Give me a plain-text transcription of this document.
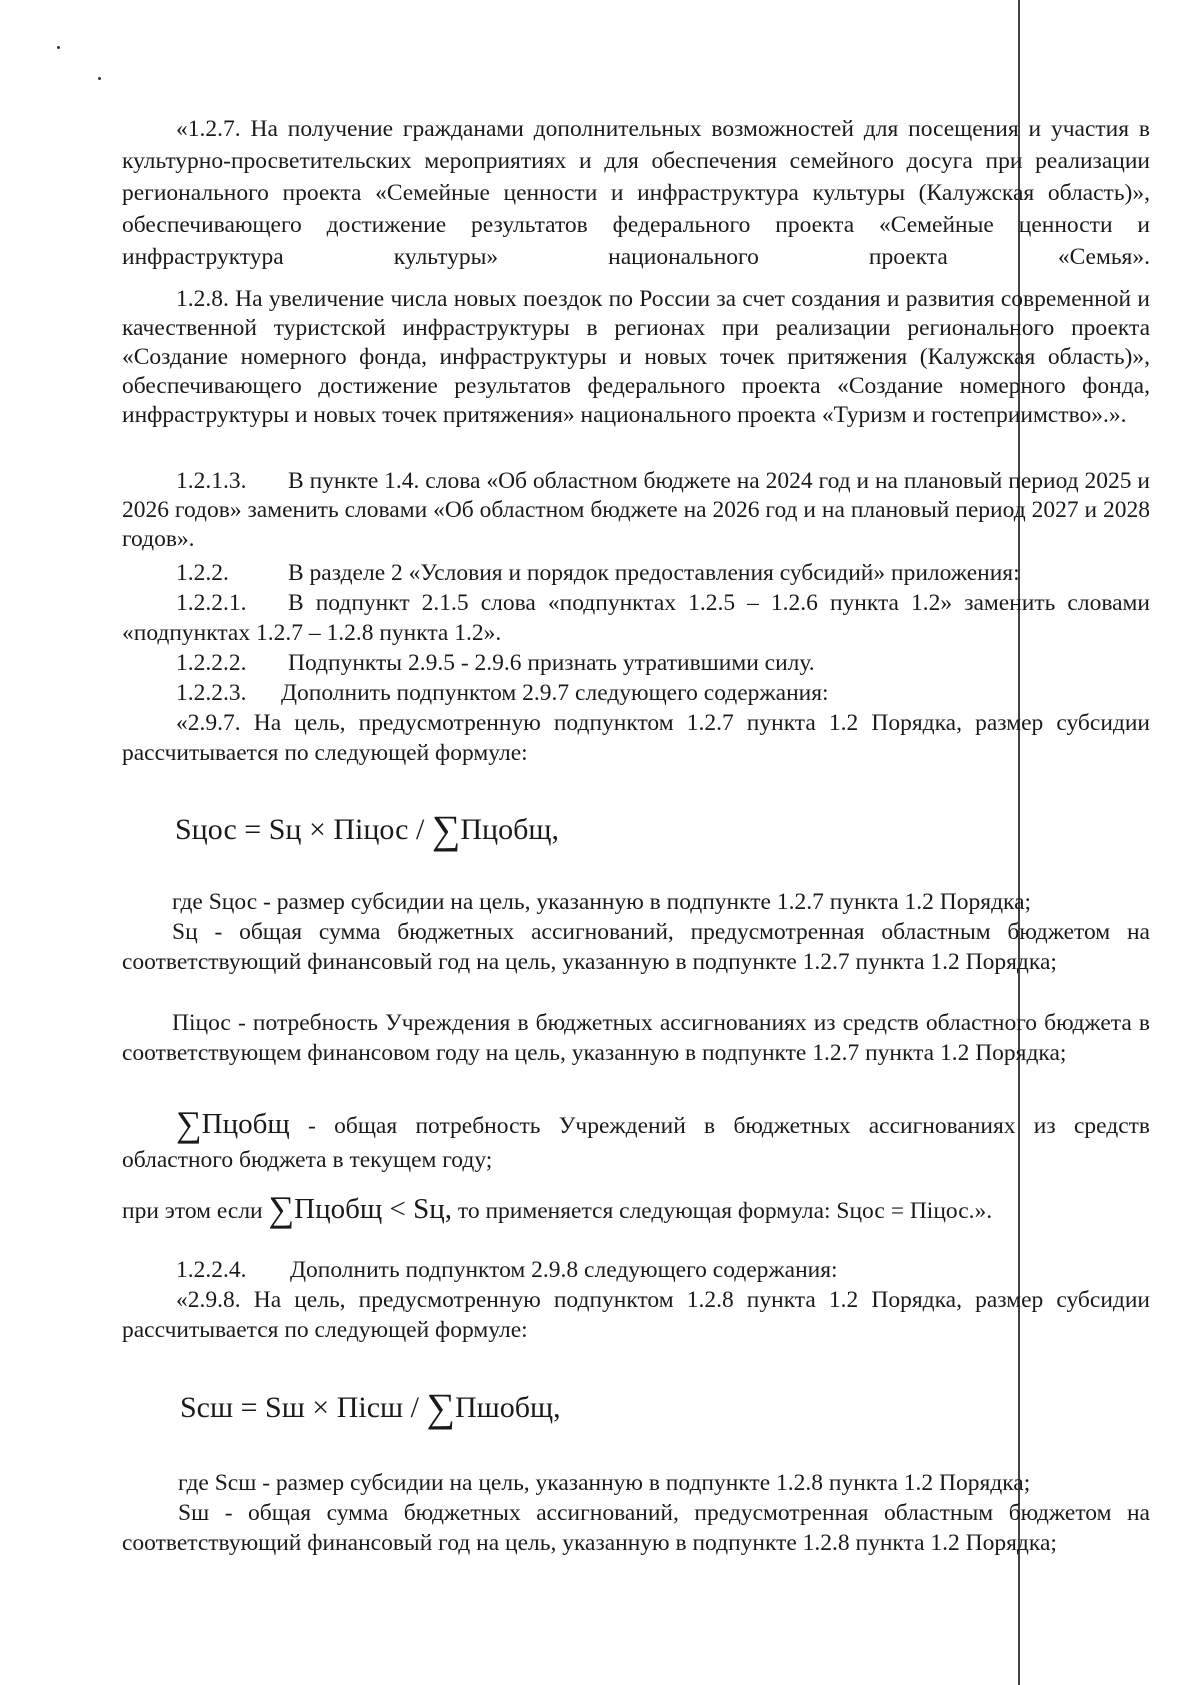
«1.2.7. На получение гражданами дополнительных возможностей для посещения и участия в культурно-просветительских мероприятиях и для обеспечения семейного досуга при реализации регионального проекта «Семейные ценности и инфраструктура культуры (Калужская область)», обеспечивающего достижение результатов федерального проекта «Семейные ценности и инфраструктура культуры» национального проекта «Семья».

1.2.8. На увеличение числа новых поездок по России за счет создания и развития современной и качественной туристской инфраструктуры в регионах при реализации регионального проекта «Создание номерного фонда, инфраструктуры и новых точек притяжения (Калужская область)», обеспечивающего достижение результатов федерального проекта «Создание номерного фонда, инфраструктуры и новых точек притяжения» национального проекта «Туризм и гостеприимство».».

1.2.1.3. В пункте 1.4. слова «Об областном бюджете на 2024 год и на плановый период 2025 и 2026 годов» заменить словами «Об областном бюджете на 2026 год и на плановый период 2027 и 2028 годов».

1.2.2.	В разделе 2 «Условия и порядок предоставления субсидий» приложения:

1.2.2.1. В подпункт 2.1.5 слова «подпунктах 1.2.5 – 1.2.6 пункта 1.2» заменить словами «подпунктах 1.2.7 – 1.2.8 пункта 1.2».

1.2.2.2. Подпункты 2.9.5 - 2.9.6 признать утратившими силу.

1.2.2.3. Дополнить подпунктом 2.9.7 следующего содержания:

«2.9.7. На цель, предусмотренную подпунктом 1.2.7 пункта 1.2 Порядка, размер субсидии рассчитывается по следующей формуле:

Sцос = Sц × Пiцос / ∑Пцобщ,

где Sцос - размер субсидии на цель, указанную в подпункте 1.2.7 пункта 1.2 Порядка;

Sц - общая сумма бюджетных ассигнований, предусмотренная областным бюджетом на соответствующий финансовый год на цель, указанную в подпункте 1.2.7 пункта 1.2 Порядка;

Пiцос - потребность Учреждения в бюджетных ассигнованиях из средств областного бюджета в соответствующем финансовом году на цель, указанную в подпункте 1.2.7 пункта 1.2 Порядка;

∑Пцобщ - общая потребность Учреждений в бюджетных ассигнованиях из средств областного бюджета в текущем году;

при этом если ∑Пцобщ < Sц, то применяется следующая формула: Sцос = Пiцос.».

1.2.2.4. Дополнить подпунктом 2.9.8 следующего содержания:

«2.9.8. На цель, предусмотренную подпунктом 1.2.8 пункта 1.2 Порядка, размер субсидии рассчитывается по следующей формуле:

Sсш = Sш × Пiсш / ∑Пшобщ,

где Sсш - размер субсидии на цель, указанную в подпункте 1.2.8 пункта 1.2 Порядка;

Sш - общая сумма бюджетных ассигнований, предусмотренная областным бюджетом на соответствующий финансовый год на цель, указанную в подпункте 1.2.8 пункта 1.2 Порядка;
